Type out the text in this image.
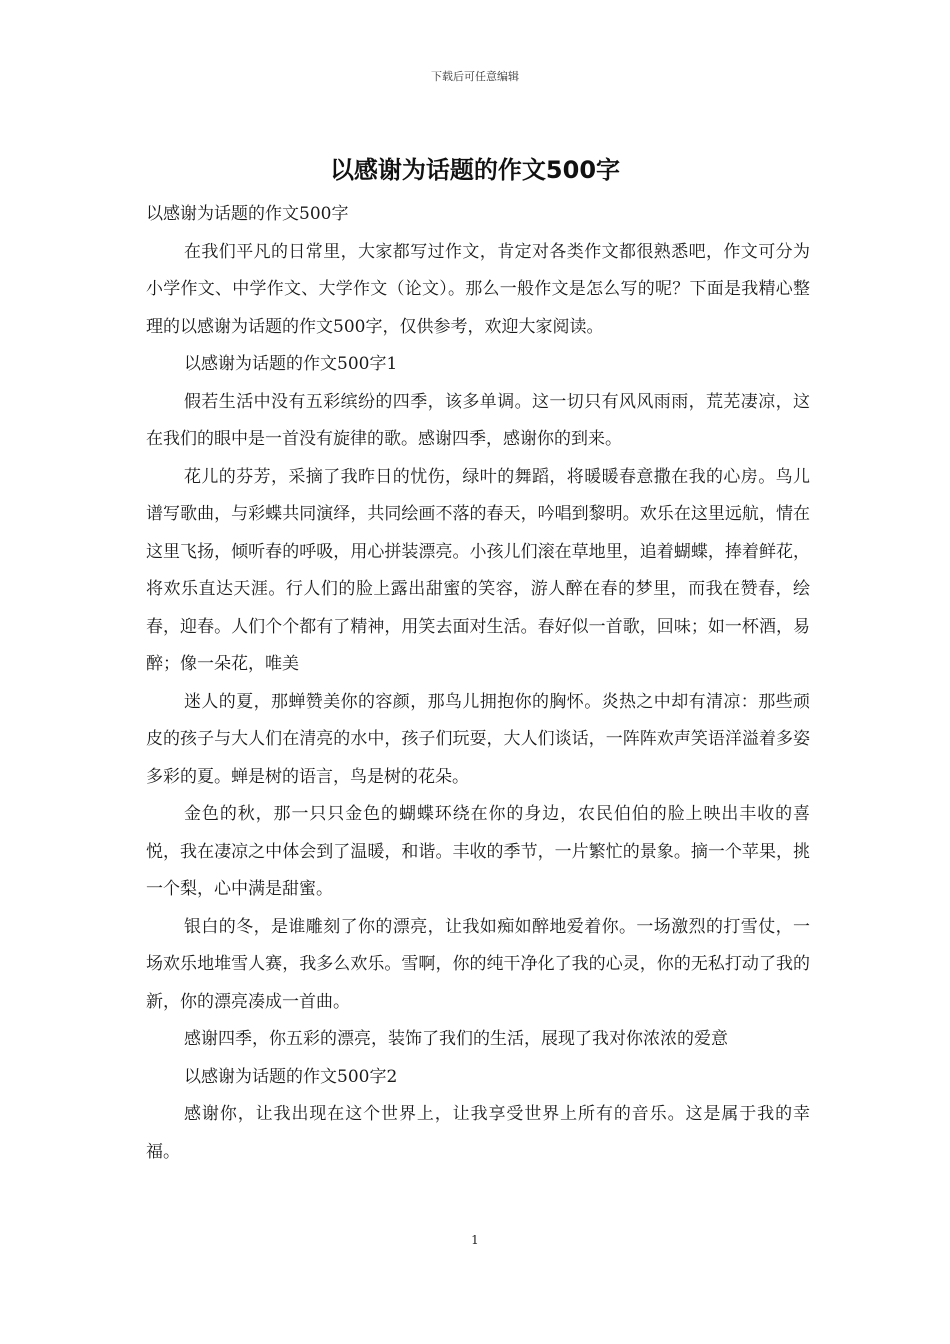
下载后可任意编辑
以感谢为话题的作文500字

以感谢为话题的作文500字

在我们平凡的日常里，大家都写过作文，肯定对各类作文都很熟悉吧，作文可分为小学作文、中学作文、大学作文（论文）。那么一般作文是怎么写的呢？下面是我精心整理的以感谢为话题的作文500字，仅供参考，欢迎大家阅读。

以感谢为话题的作文500字1

假若生活中没有五彩缤纷的四季，该多单调。这一切只有风风雨雨，荒芜凄凉，这在我们的眼中是一首没有旋律的歌。感谢四季，感谢你的到来。

花儿的芬芳，采摘了我昨日的忧伤，绿叶的舞蹈，将暖暖春意撒在我的心房。鸟儿谱写歌曲，与彩蝶共同演绎，共同绘画不落的春天，吟唱到黎明。欢乐在这里远航，情在这里飞扬，倾听春的呼吸，用心拼装漂亮。小孩儿们滚在草地里，追着蝴蝶，捧着鲜花，将欢乐直达天涯。行人们的脸上露出甜蜜的笑容，游人醉在春的梦里，而我在赞春，绘春，迎春。人们个个都有了精神，用笑去面对生活。春好似一首歌，回味；如一杯酒，易醉；像一朵花，唯美

迷人的夏，那蝉赞美你的容颜，那鸟儿拥抱你的胸怀。炎热之中却有清凉：那些顽皮的孩子与大人们在清亮的水中，孩子们玩耍，大人们谈话，一阵阵欢声笑语洋溢着多姿多彩的夏。蝉是树的语言，鸟是树的花朵。

金色的秋，那一只只金色的蝴蝶环绕在你的身边，农民伯伯的脸上映出丰收的喜悦，我在凄凉之中体会到了温暖，和谐。丰收的季节，一片繁忙的景象。摘一个苹果，挑一个梨，心中满是甜蜜。

银白的冬，是谁雕刻了你的漂亮，让我如痴如醉地爱着你。一场激烈的打雪仗，一场欢乐地堆雪人赛，我多么欢乐。雪啊，你的纯干净化了我的心灵，你的无私打动了我的新，你的漂亮凑成一首曲。

感谢四季，你五彩的漂亮，装饰了我们的生活，展现了我对你浓浓的爱意

以感谢为话题的作文500字2

感谢你，让我出现在这个世界上，让我享受世界上所有的音乐。这是属于我的幸福。

1
